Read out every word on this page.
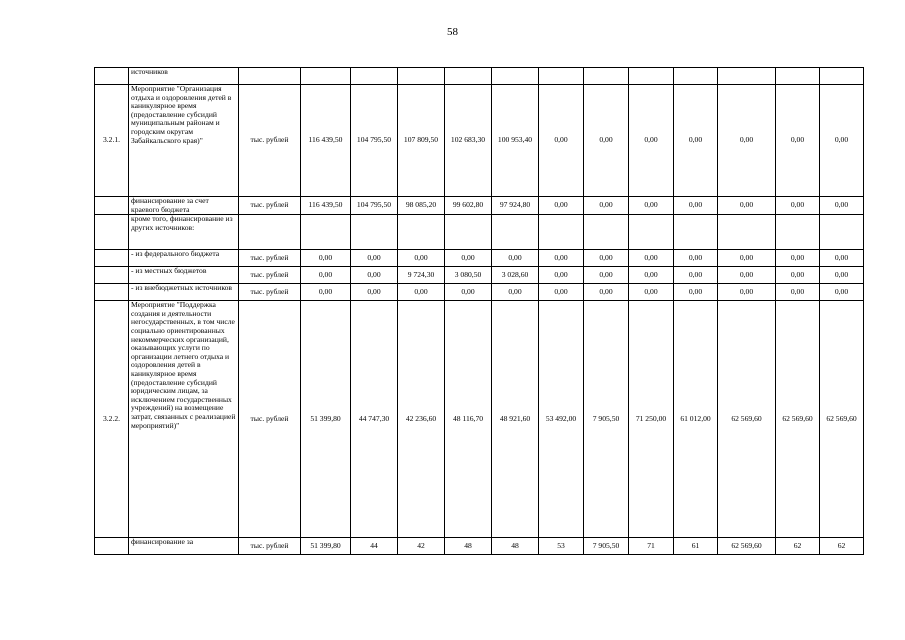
58
	источников													
3.2.1.	Мероприятие "Организация отдыха и оздоровления детей в каникулярное время (предоставление субсидий муниципальным районам и городским округам Забайкальского края)"	тыс. рублей	116 439,50	104 795,50	107 809,50	102 683,30	100 953,40	0,00	0,00	0,00	0,00	0,00	0,00	0,00
	финансирование за счет краевого бюджета	тыс. рублей	116 439,50	104 795,50	98 085,20	99 602,80	97 924,80	0,00	0,00	0,00	0,00	0,00	0,00	0,00
	кроме того, финансирование из других источников:													
	- из федерального бюджета	тыс. рублей	0,00	0,00	0,00	0,00	0,00	0,00	0,00	0,00	0,00	0,00	0,00	0,00
	- из местных бюджетов	тыс. рублей	0,00	0,00	9 724,30	3 080,50	3 028,60	0,00	0,00	0,00	0,00	0,00	0,00	0,00
	- из внебюджетных источников	тыс. рублей	0,00	0,00	0,00	0,00	0,00	0,00	0,00	0,00	0,00	0,00	0,00	0,00
3.2.2.	Мероприятие "Поддержка создания и деятельности негосударственных, в том числе социально ориентированных некоммерческих организаций, оказывающих услуги по организации летнего отдыха и оздоровления детей в каникулярное время (предоставление субсидий юридическим лицам, за исключением государственных учреждений) на возмещение затрат, связанных с реализацией мероприятий)"	тыс. рублей	51 399,80	44 747,30	42 236,60	48 116,70	48 921,60	53 492,00	7 905,50	71 250,00	61 012,00	62 569,60	62 569,60	62 569,60
	финансирование за	тыс. рублей	51 399,80	44	42	48	48	53	7 905,50	71	61	62 569,60	62	62
